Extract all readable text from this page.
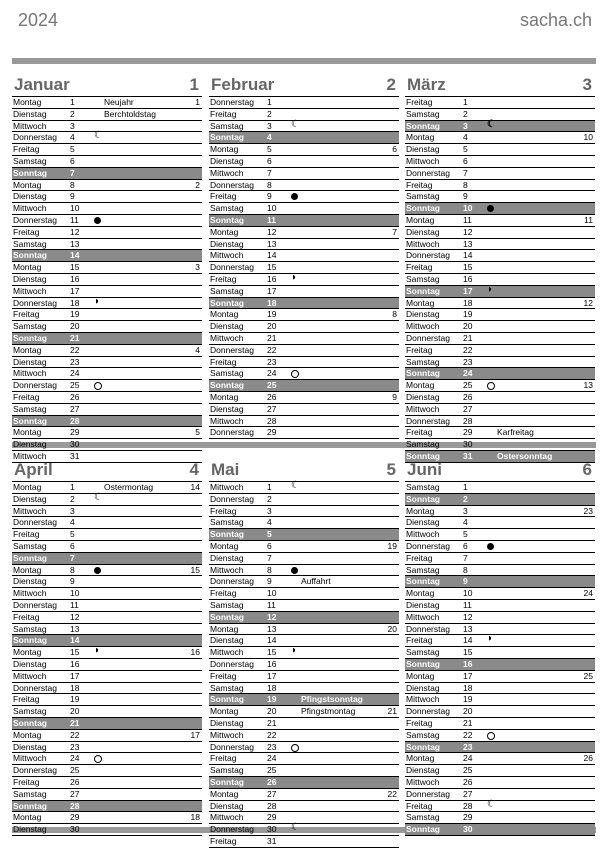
2024	sacha.ch
Januar	1
Montag	1	Neujahr	1
Dienstag	2	Berchtoldstag
Mittwoch	3
Donnerstag 4 ☾
Freitag	5
Samstag	6
Sonntag	7
Montag	8	2
Dienstag	9
Mittwoch	10
Donnerstag 11
Freitag	12
Samstag	13
Sonntag	14
Montag	15	3
Dienstag	16
Mittwoch	17
Donnerstag 18 ◗
Freitag	19
Samstag	20
Sonntag	21
Montag	22	4
Dienstag	23
Mittwoch	24
Donnerstag 25
Freitag	26
Samstag	27
Sonntag	28
Montag	29	5
Dienstag	30
Mittwoch	31
Februar	2
Donnerstag 1
Freitag	2
Samstag	3 ☾
Sonntag	4
Montag	5	6
Dienstag	6
Mittwoch	7
Donnerstag 8
Freitag	9
Samstag	10
Sonntag	11
Montag	12	7
Dienstag	13
Mittwoch	14
Donnerstag 15
Freitag	16 ◗
Samstag	17
Sonntag	18
Montag	19	8
Dienstag	20
Mittwoch	21
Donnerstag 22
Freitag	23
Samstag	24
Sonntag	25
Montag	26	9
Dienstag	27
Mittwoch	28
Donnerstag 29
März	3
Freitag	1
Samstag	2
Sonntag	3 ☾
Montag	4	10
Dienstag	5
Mittwoch	6
Donnerstag 7
Freitag	8
Samstag	9
Sonntag	10
Montag	11	11
Dienstag	12
Mittwoch	13
Donnerstag 14
Freitag	15
Samstag	16
Sonntag	17 ◗
Montag	18	12
Dienstag	19
Mittwoch	20
Donnerstag 21
Freitag	22
Samstag	23
Sonntag	24
Montag	25	13
Dienstag	26
Mittwoch	27
Donnerstag 28
Freitag	29	Karfreitag
Samstag	30
Sonntag	31	Ostersonntag
April	4
Montag	1	Ostermontag	14
Dienstag	2 ☾
Mittwoch	3
Donnerstag 4
Freitag	5
Samstag	6
Sonntag	7
Montag	8	15
Dienstag	9
Mittwoch	10
Donnerstag 11
Freitag	12
Samstag	13
Sonntag	14
Montag	15 ◗	16
Dienstag	16
Mittwoch	17
Donnerstag 18
Freitag	19
Samstag	20
Sonntag	21
Montag	22	17
Dienstag	23
Mittwoch	24
Donnerstag 25
Freitag	26
Samstag	27
Sonntag	28
Montag	29	18
Dienstag	30
Mai	5
Mittwoch	1 ☾
Donnerstag 2
Freitag	3
Samstag	4
Sonntag	5
Montag	6	19
Dienstag	7
Mittwoch	8
Donnerstag 9	Auffahrt
Freitag	10
Samstag	11
Sonntag	12
Montag	13	20
Dienstag	14
Mittwoch	15 ◗
Donnerstag 16
Freitag	17
Samstag	18
Sonntag	19	Pfingstsonntag
Montag	20	Pfingstmontag	21
Dienstag	21
Mittwoch	22
Donnerstag 23
Freitag	24
Samstag	25
Sonntag	26
Montag	27	22
Dienstag	28
Mittwoch	29
Donnerstag 30 ☾
Freitag	31
Juni	6
Samstag	1
Sonntag	2
Montag	3	23
Dienstag	4
Mittwoch	5
Donnerstag 6
Freitag	7
Samstag	8
Sonntag	9
Montag	10	24
Dienstag	11
Mittwoch	12
Donnerstag 13
Freitag	14 ◗
Samstag	15
Sonntag	16
Montag	17	25
Dienstag	18
Mittwoch	19
Donnerstag 20
Freitag	21
Samstag	22
Sonntag	23
Montag	24	26
Dienstag	25
Mittwoch	26
Donnerstag 27
Freitag	28 ☾
Samstag	29
Sonntag	30
